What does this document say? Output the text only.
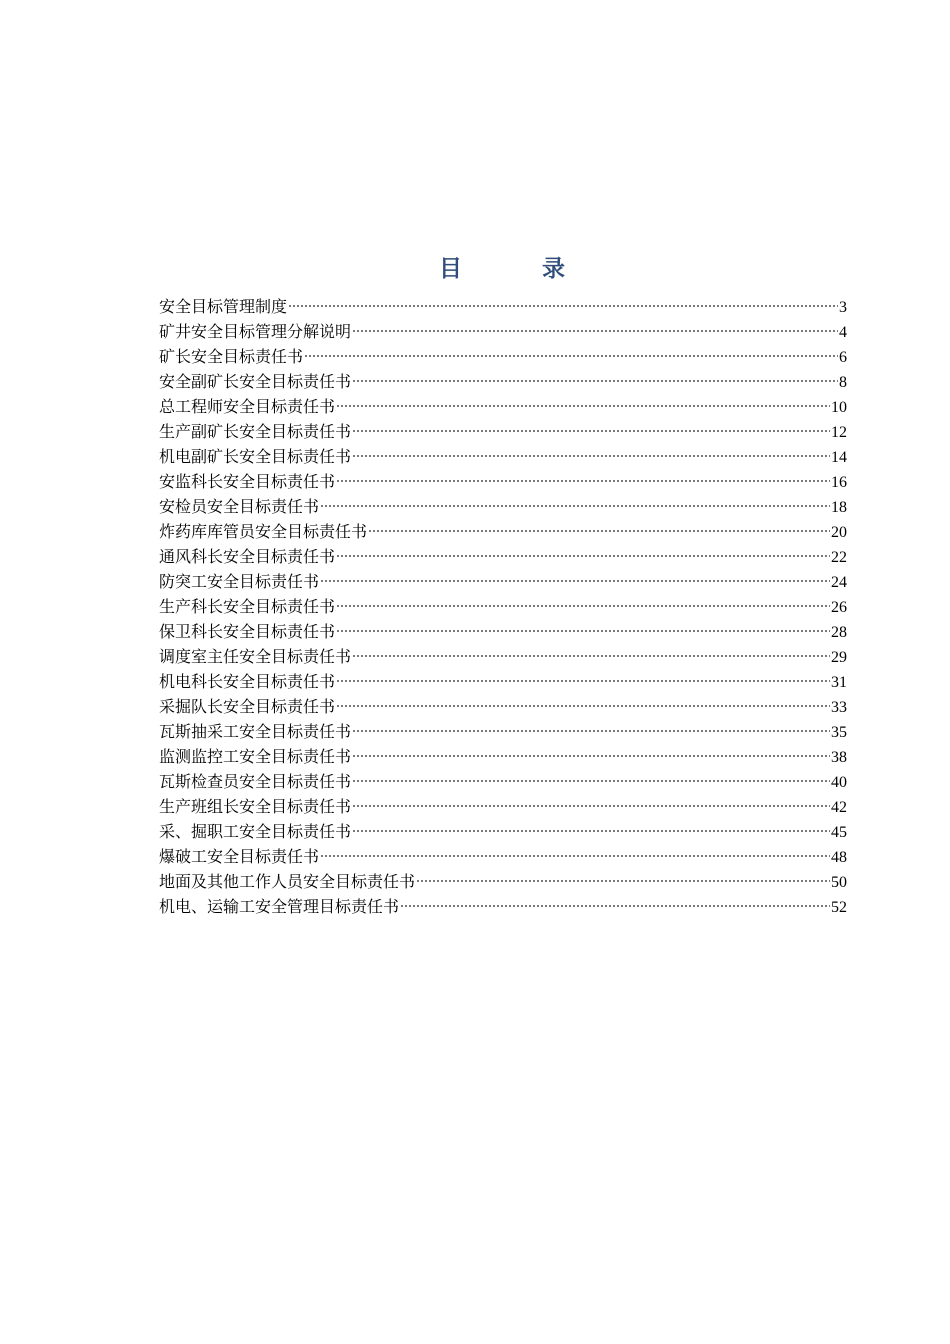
目	录
安全目标管理制度	3
矿井安全目标管理分解说明	4
矿长安全目标责任书	6
安全副矿长安全目标责任书	8
总工程师安全目标责任书	10
生产副矿长安全目标责任书	12
机电副矿长安全目标责任书	14
安监科长安全目标责任书	16
安检员安全目标责任书	18
炸药库库管员安全目标责任书	20
通风科长安全目标责任书	22
防突工安全目标责任书	24
生产科长安全目标责任书	26
保卫科长安全目标责任书	28
调度室主任安全目标责任书	29
机电科长安全目标责任书	31
采掘队长安全目标责任书	33
瓦斯抽采工安全目标责任书	35
监测监控工安全目标责任书	38
瓦斯检查员安全目标责任书	40
生产班组长安全目标责任书	42
采、掘职工安全目标责任书	45
爆破工安全目标责任书	48
地面及其他工作人员安全目标责任书	50
机电、运输工安全管理目标责任书	52
